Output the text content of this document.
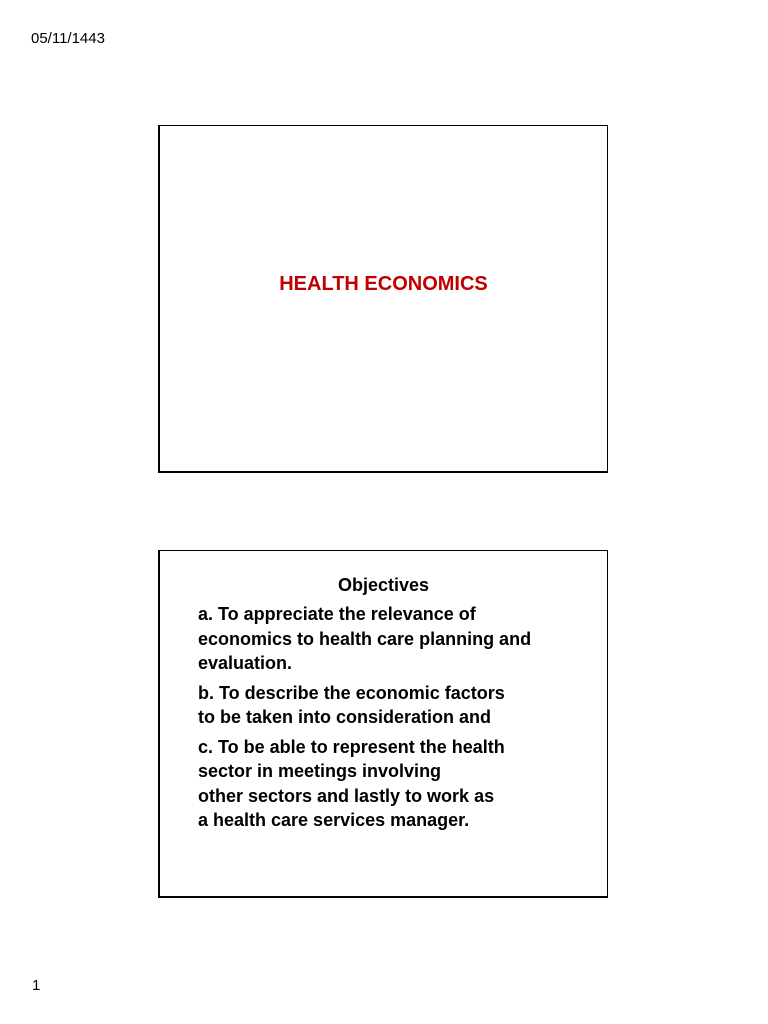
05/11/1443
HEALTH ECONOMICS
Objectives

a. To appreciate the relevance of
economics to health care planning and
evaluation.

b. To describe the economic factors
to be taken into consideration and

c. To be able to represent the health
sector in meetings involving
other sectors and lastly to work as
a health care services manager.

1
